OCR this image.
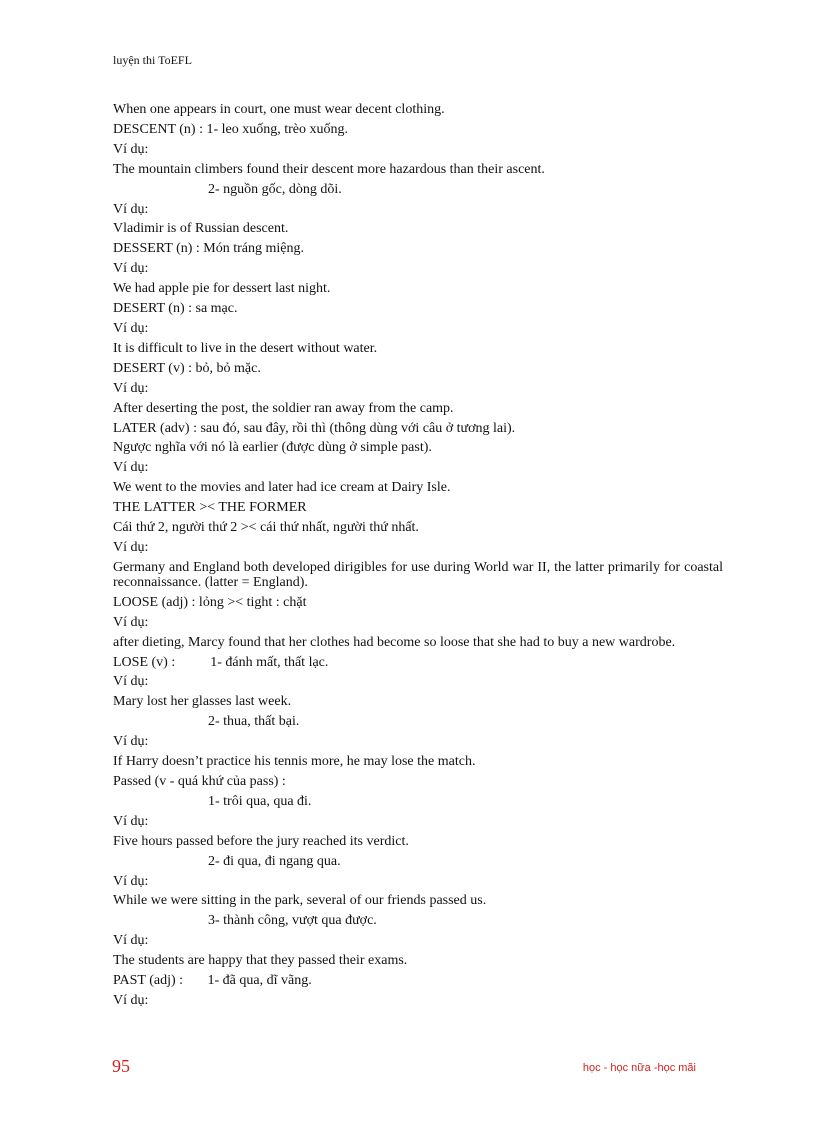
luyện thi ToEFL
When one appears in court, one must wear decent clothing.
DESCENT (n) : 1- leo xuống, trèo xuống.
Ví dụ:
The mountain climbers found their descent more hazardous than their ascent.
2- nguồn gốc, dòng dõi.
Ví dụ:
Vladimir is of Russian descent.
DESSERT (n) : Món tráng miệng.
Ví dụ:
We had apple pie for dessert last night.
DESERT (n) : sa mạc.
Ví dụ:
It is difficult to live in the desert without water.
DESERT (v) : bỏ, bỏ mặc.
Ví dụ:
After deserting the post, the soldier ran away from the camp.
LATER (adv) : sau đó, sau đây, rồi thì (thông dùng với câu ở tương lai).
Ngược nghĩa với nó là earlier (được dùng ở simple past).
Ví dụ:
We went to the movies and later had ice cream at Dairy Isle.
THE LATTER >< THE FORMER
Cái thứ 2, người thứ 2 >< cái thứ nhất, người thứ nhất.
Ví dụ:
Germany and England both developed dirigibles for use during World war II, the latter primarily for coastal reconnaissance. (latter = England).
LOOSE (adj) : lỏng >< tight : chặt
Ví dụ:
after dieting, Marcy found that her clothes had become so loose that she had to buy a new wardrobe.
LOSE (v) :          1- đánh mất, thất lạc.
Ví dụ:
Mary lost her glasses last week.
2- thua, thất bại.
Ví dụ:
If Harry doesn’t practice his tennis more, he may lose the match.
Passed (v - quá khứ của pass) :
1- trôi qua, qua đi.
Ví dụ:
Five hours passed before the jury reached its verdict.
2- đi qua, đi ngang qua.
Ví dụ:
While we were sitting in the park, several of our friends passed us.
3- thành công, vượt qua được.
Ví dụ:
The students are happy that they passed their exams.
PAST (adj) :       1- đã qua, dĩ vãng.
Ví dụ:
95	học - học nữa -học mãi
